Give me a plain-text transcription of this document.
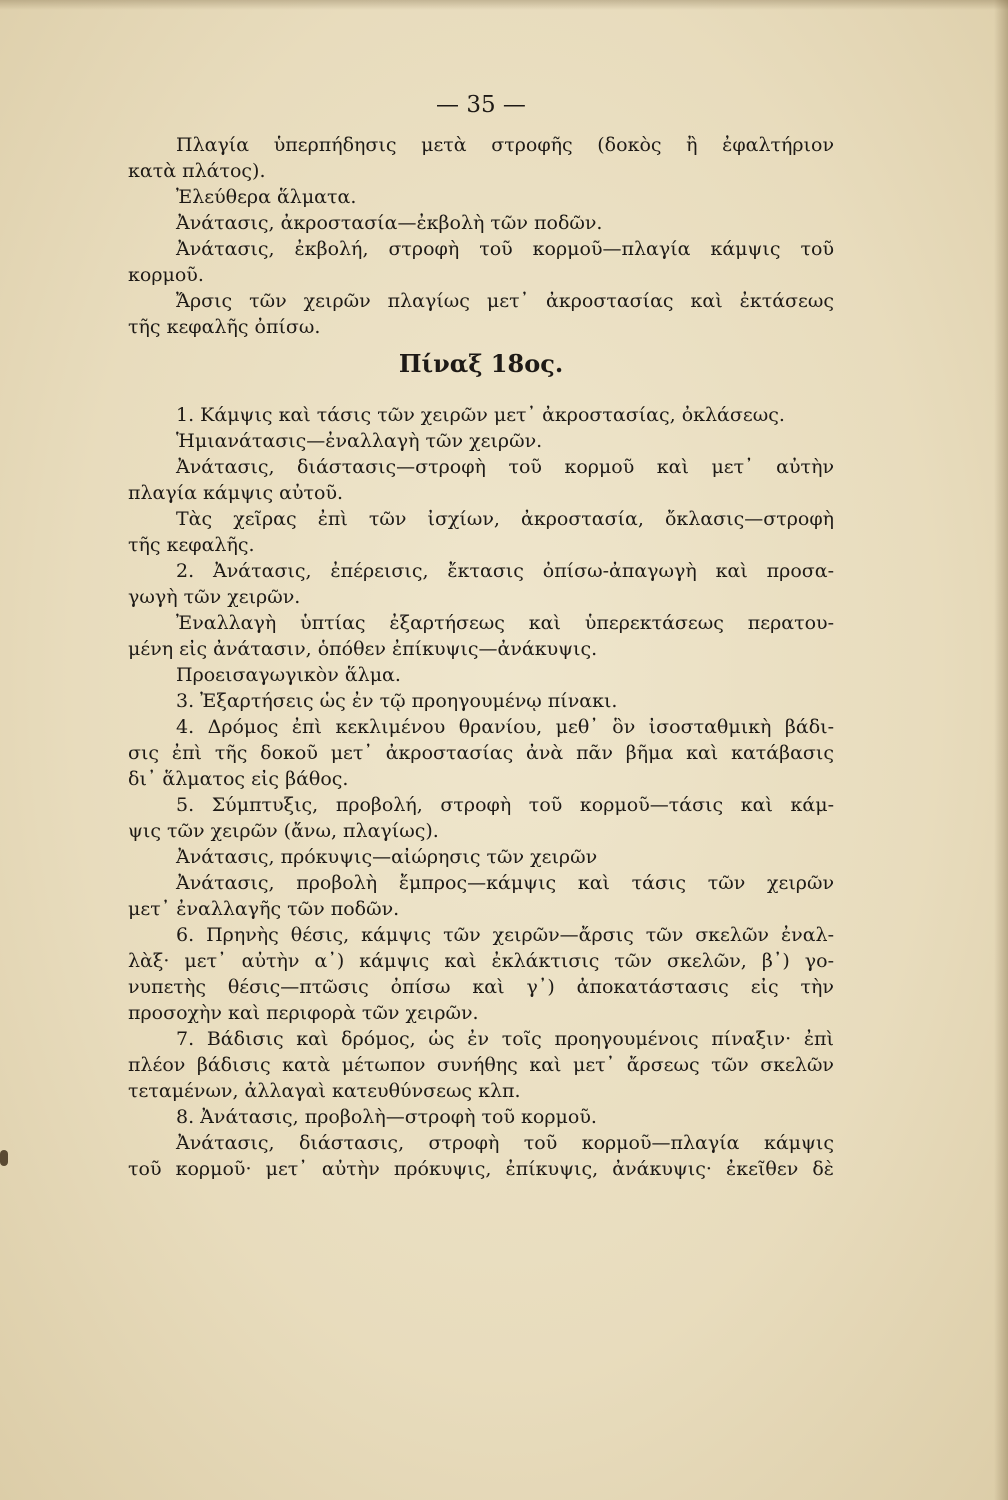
— 35 —
Πλαγία ὑπερπήδησις μετὰ στροφῆς (δοκὸς ἢ ἐφαλτήριον
κατὰ πλάτος).
Ἐλεύθερα ἅλματα.
Ἀνάτασις, ἀκροστασία—ἐκβολὴ τῶν ποδῶν.
Ἀνάτασις, ἐκβολή, στροφὴ τοῦ κορμοῦ—πλαγία κάμψις τοῦ
κορμοῦ.
Ἄρσις τῶν χειρῶν πλαγίως μετ᾽ ἀκροστασίας καὶ ἐκτάσεως
τῆς κεφαλῆς ὀπίσω.
Πίναξ 18ος.
1. Κάμψις καὶ τάσις τῶν χειρῶν μετ᾽ ἀκροστασίας, ὀκλάσεως.
Ἡμιανάτασις—ἐναλλαγὴ τῶν χειρῶν.
Ἀνάτασις, διάστασις—στροφὴ τοῦ κορμοῦ καὶ μετ᾽ αὐτὴν
πλαγία κάμψις αὐτοῦ.
Τὰς χεῖρας ἐπὶ τῶν ἰσχίων, ἀκροστασία, ὄκλασις—στροφὴ
τῆς κεφαλῆς.
2. Ἀνάτασις, ἐπέρεισις, ἔκτασις ὀπίσω-ἀπαγωγὴ καὶ προσα-
γωγὴ τῶν χειρῶν.
Ἐναλλαγὴ ὑπτίας ἐξαρτήσεως καὶ ὑπερεκτάσεως περατου-
μένη εἰς ἀνάτασιν, ὁπόθεν ἐπίκυψις—ἀνάκυψις.
Προεισαγωγικὸν ἅλμα.
3. Ἐξαρτήσεις ὡς ἐν τῷ προηγουμένῳ πίνακι.
4. Δρόμος ἐπὶ κεκλιμένου θρανίου, μεθ᾽ ὃν ἰσοσταθμικὴ βάδι-
σις ἐπὶ τῆς δοκοῦ μετ᾽ ἀκροστασίας ἀνὰ πᾶν βῆμα καὶ κατάβασις
δι᾽ ἅλματος εἰς βάθος.
5. Σύμπτυξις, προβολή, στροφὴ τοῦ κορμοῦ—τάσις καὶ κάμ-
ψις τῶν χειρῶν (ἄνω, πλαγίως).
Ἀνάτασις, πρόκυψις—αἰώρησις τῶν χειρῶν
Ἀνάτασις, προβολὴ ἔμπρος—κάμψις καὶ τάσις τῶν χειρῶν
μετ᾽ ἐναλλαγῆς τῶν ποδῶν.
6. Πρηνὴς θέσις, κάμψις τῶν χειρῶν—ἄρσις τῶν σκελῶν ἐναλ-
λὰξ· μετ᾽ αὐτὴν α᾽) κάμψις καὶ ἐκλάκτισις τῶν σκελῶν, β᾽) γο-
νυπετὴς θέσις—πτῶσις ὀπίσω καὶ γ᾽) ἀποκατάστασις εἰς τὴν
προσοχὴν καὶ περιφορὰ τῶν χειρῶν.
7. Βάδισις καὶ δρόμος, ὡς ἐν τοῖς προηγουμένοις πίναξιν· ἐπὶ
πλέον βάδισις κατὰ μέτωπον συνήθης καὶ μετ᾽ ἄρσεως τῶν σκελῶν
τεταμένων, ἀλλαγαὶ κατευθύνσεως κλπ.
8. Ἀνάτασις, προβολὴ—στροφὴ τοῦ κορμοῦ.
Ἀνάτασις, διάστασις, στροφὴ τοῦ κορμοῦ—πλαγία κάμψις
τοῦ κορμοῦ· μετ᾽ αὐτὴν πρόκυψις, ἐπίκυψις, ἀνάκυψις· ἐκεῖθεν δὲ
